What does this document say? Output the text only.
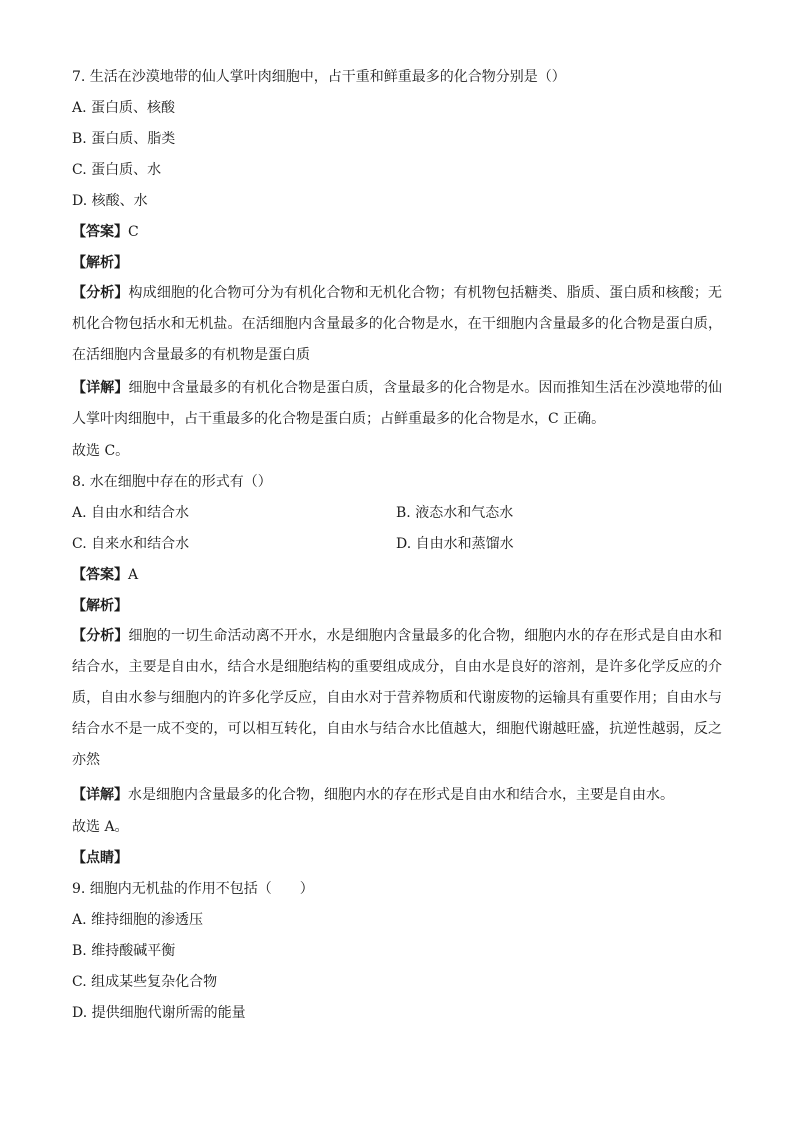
7. 生活在沙漠地带的仙人掌叶肉细胞中，占干重和鲜重最多的化合物分别是（）
A. 蛋白质、核酸
B. 蛋白质、脂类
C. 蛋白质、水
D. 核酸、水
【答案】C
【解析】
【分析】构成细胞的化合物可分为有机化合物和无机化合物；有机物包括糖类、脂质、蛋白质和核酸；无机化合物包括水和无机盐。在活细胞内含量最多的化合物是水，在干细胞内含量最多的化合物是蛋白质，在活细胞内含量最多的有机物是蛋白质
【详解】细胞中含量最多的有机化合物是蛋白质，含量最多的化合物是水。因而推知生活在沙漠地带的仙人掌叶肉细胞中，占干重最多的化合物是蛋白质；占鲜重最多的化合物是水，C 正确。
故选 C。
8. 水在细胞中存在的形式有（）
A. 自由水和结合水	B. 液态水和气态水
C. 自来水和结合水	D. 自由水和蒸馏水
【答案】A
【解析】
【分析】细胞的一切生命活动离不开水，水是细胞内含量最多的化合物，细胞内水的存在形式是自由水和结合水，主要是自由水，结合水是细胞结构的重要组成成分，自由水是良好的溶剂，是许多化学反应的介质，自由水参与细胞内的许多化学反应，自由水对于营养物质和代谢废物的运输具有重要作用；自由水与结合水不是一成不变的，可以相互转化，自由水与结合水比值越大，细胞代谢越旺盛，抗逆性越弱，反之亦然
【详解】水是细胞内含量最多的化合物，细胞内水的存在形式是自由水和结合水，主要是自由水。
故选 A。
【点睛】
9. 细胞内无机盐的作用不包括（　　）
A. 维持细胞的渗透压
B. 维持酸碱平衡
C. 组成某些复杂化合物
D. 提供细胞代谢所需的能量
